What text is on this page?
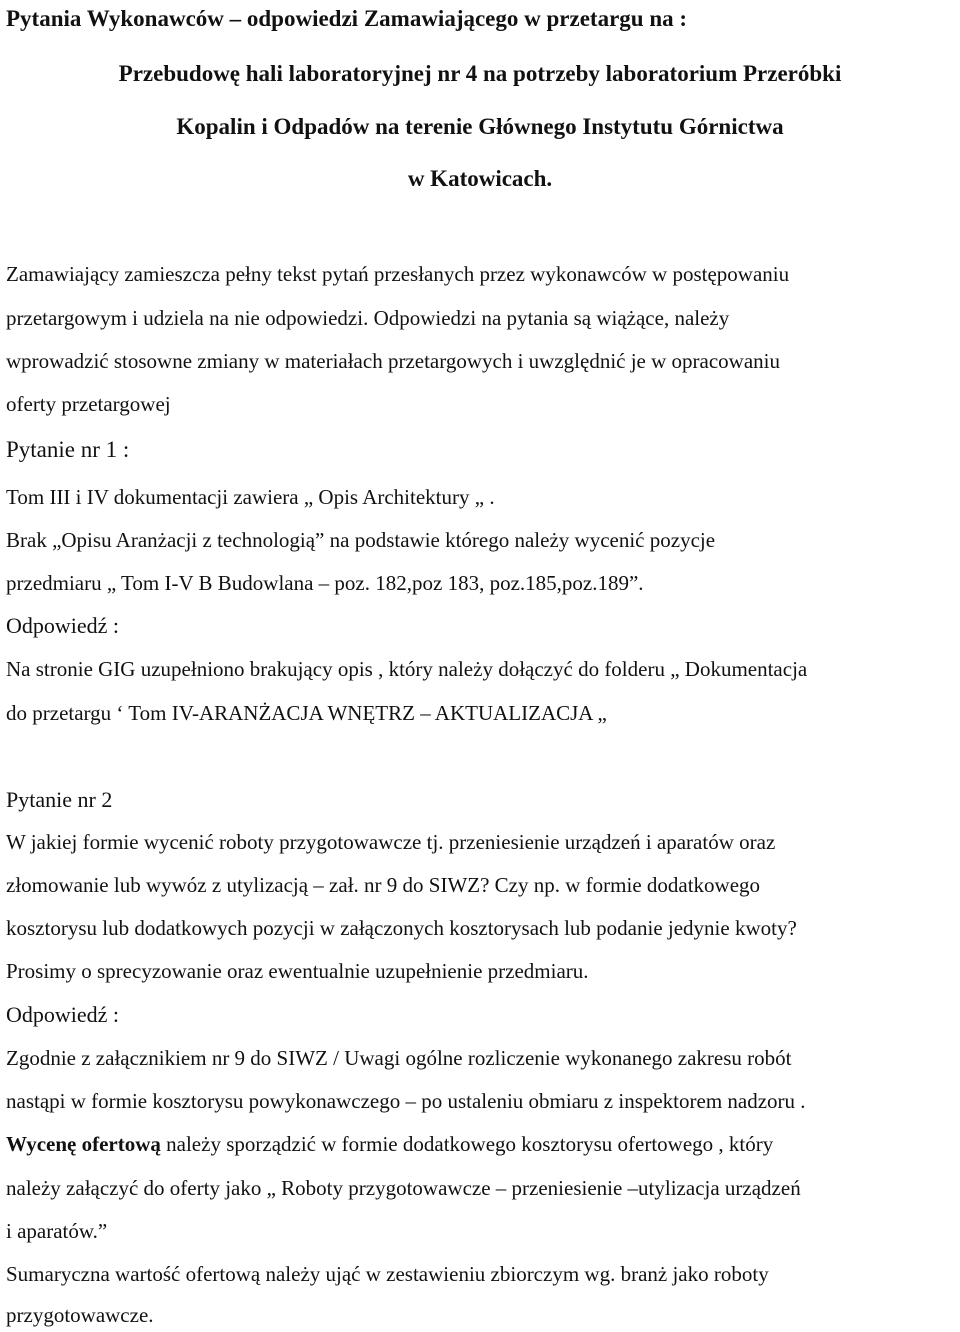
Pytania Wykonawców – odpowiedzi Zamawiającego w przetargu na :
Przebudowę hali laboratoryjnej nr 4 na potrzeby laboratorium Przeróbki
Kopalin i Odpadów na terenie Głównego Instytutu Górnictwa
w Katowicach.
Zamawiający zamieszcza pełny tekst pytań przesłanych przez wykonawców w postępowaniu
przetargowym i udziela na nie odpowiedzi. Odpowiedzi na pytania są wiążące, należy
wprowadzić stosowne zmiany w materiałach przetargowych i uwzględnić je w opracowaniu
oferty przetargowej
Pytanie nr 1 :
Tom III i IV dokumentacji zawiera „ Opis Architektury „ .
Brak „Opisu Aranżacji z technologią” na podstawie którego należy wycenić pozycje
przedmiaru „ Tom I-V B Budowlana – poz. 182,poz 183, poz.185,poz.189”.
Odpowiedź :
Na stronie GIG uzupełniono brakujący opis , który należy dołączyć do folderu „ Dokumentacja
do przetargu ‘ Tom IV-ARANŻACJA WNĘTRZ – AKTUALIZACJA „
Pytanie nr 2
W jakiej formie wycenić roboty przygotowawcze tj. przeniesienie urządzeń i aparatów oraz
złomowanie lub wywóz z utylizacją – zał. nr 9 do SIWZ? Czy np. w formie dodatkowego
kosztorysu lub dodatkowych pozycji w załączonych kosztorysach lub podanie jedynie kwoty?
Prosimy o sprecyzowanie oraz ewentualnie uzupełnienie przedmiaru.
Odpowiedź :
Zgodnie z załącznikiem nr 9 do SIWZ / Uwagi ogólne rozliczenie wykonanego zakresu robót
nastąpi w formie kosztorysu powykonawczego – po ustaleniu obmiaru z inspektorem nadzoru .
Wycenę ofertową należy sporządzić w formie dodatkowego kosztorysu ofertowego , który
należy załączyć do oferty jako „ Roboty przygotowawcze – przeniesienie –utylizacja urządzeń
i aparatów.”
Sumaryczna wartość ofertową należy ująć w zestawieniu zbiorczym wg. branż jako roboty
przygotowawcze.
